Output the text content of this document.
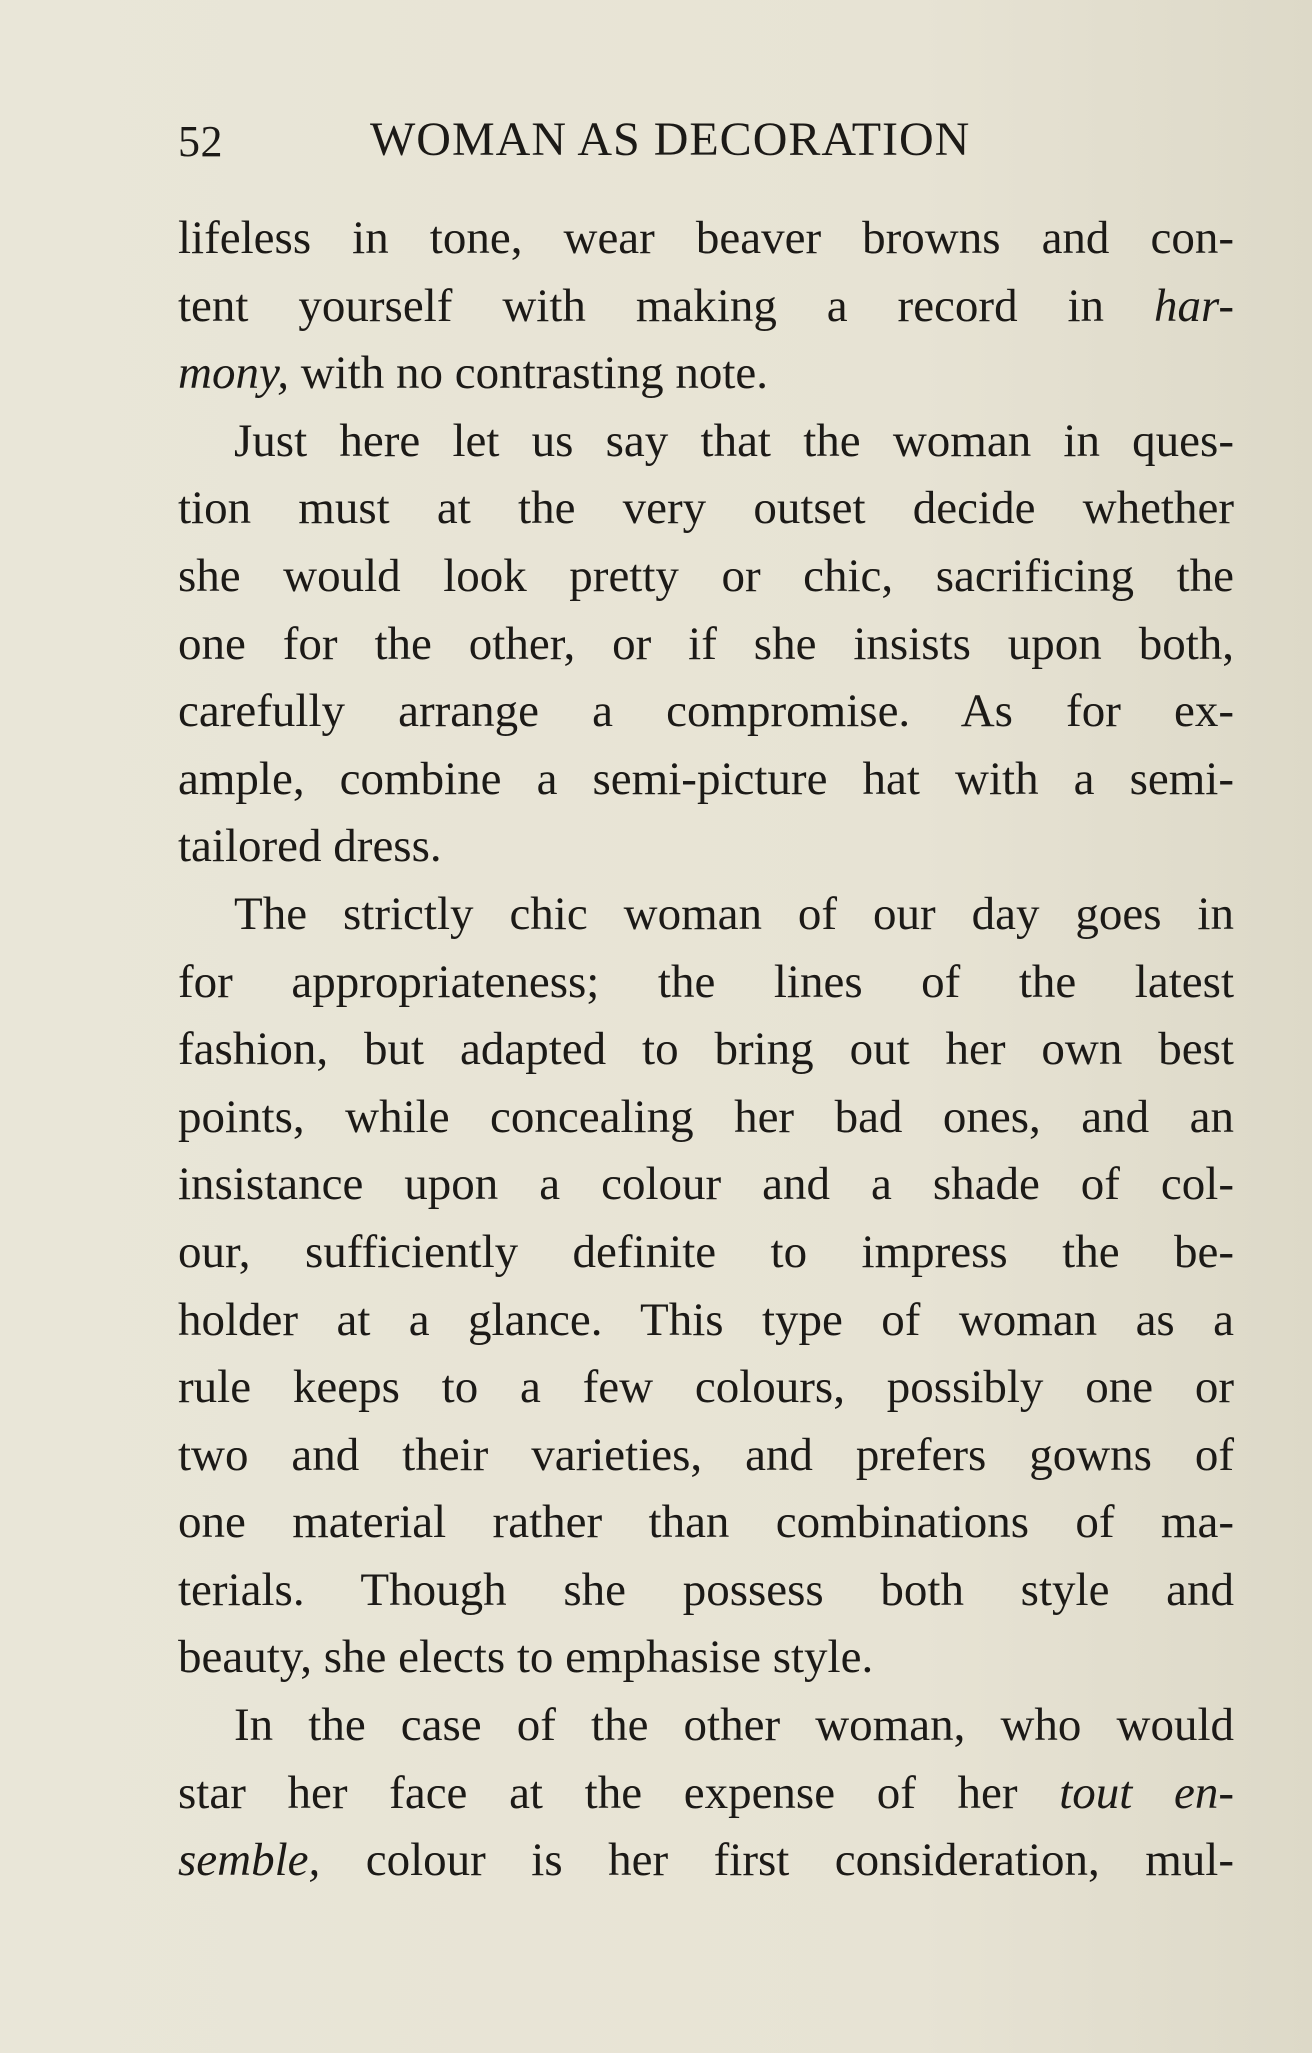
52	WOMAN AS DECORATION
lifeless in tone, wear beaver browns and con-
tent yourself with making a record in har-
mony, with no contrasting note.
Just here let us say that the woman in ques-
tion must at the very outset decide whether
she would look pretty or chic, sacrificing the
one for the other, or if she insists upon both,
carefully arrange a compromise. As for ex-
ample, combine a semi-picture hat with a semi-
tailored dress.
The strictly chic woman of our day goes in
for appropriateness; the lines of the latest
fashion, but adapted to bring out her own best
points, while concealing her bad ones, and an
insistance upon a colour and a shade of col-
our, sufficiently definite to impress the be-
holder at a glance. This type of woman as a
rule keeps to a few colours, possibly one or
two and their varieties, and prefers gowns of
one material rather than combinations of ma-
terials. Though she possess both style and
beauty, she elects to emphasise style.
In the case of the other woman, who would
star her face at the expense of her tout en-
semble, colour is her first consideration, mul-
